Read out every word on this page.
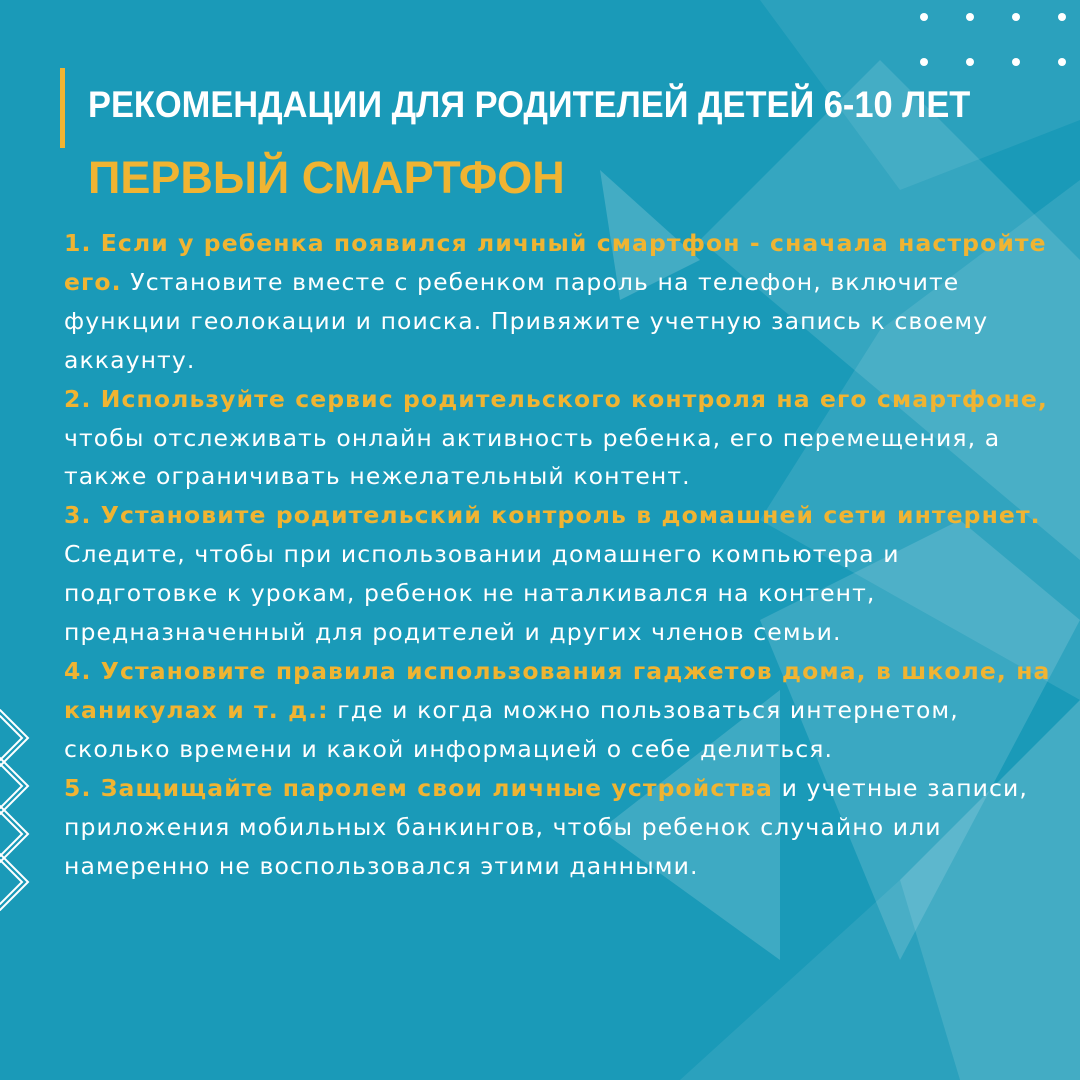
РЕКОМЕНДАЦИИ ДЛЯ РОДИТЕЛЕЙ ДЕТЕЙ 6-10 ЛЕТ
ПЕРВЫЙ СМАРТФОН

1. Если у ребенка появился личный смартфон - сначала настройте его. Установите вместе с ребенком пароль на телефон, включите функции геолокации и поиска. Привяжите учетную запись к своему аккаунту.

2. Используйте сервис родительского контроля на его смартфоне, чтобы отслеживать онлайн активность ребенка, его перемещения, а также ограничивать нежелательный контент.

3. Установите родительский контроль в домашней сети интернет. Следите, чтобы при использовании домашнего компьютера и подготовке к урокам, ребенок не наталкивался на контент, предназначенный для родителей и других членов семьи.

4. Установите правила использования гаджетов дома, в школе, на каникулах и т. д.: где и когда можно пользоваться интернетом, сколько времени и какой информацией о себе делиться.

5. Защищайте паролем свои личные устройства и учетные записи, приложения мобильных банкингов, чтобы ребенок случайно или намеренно не воспользовался этими данными.
